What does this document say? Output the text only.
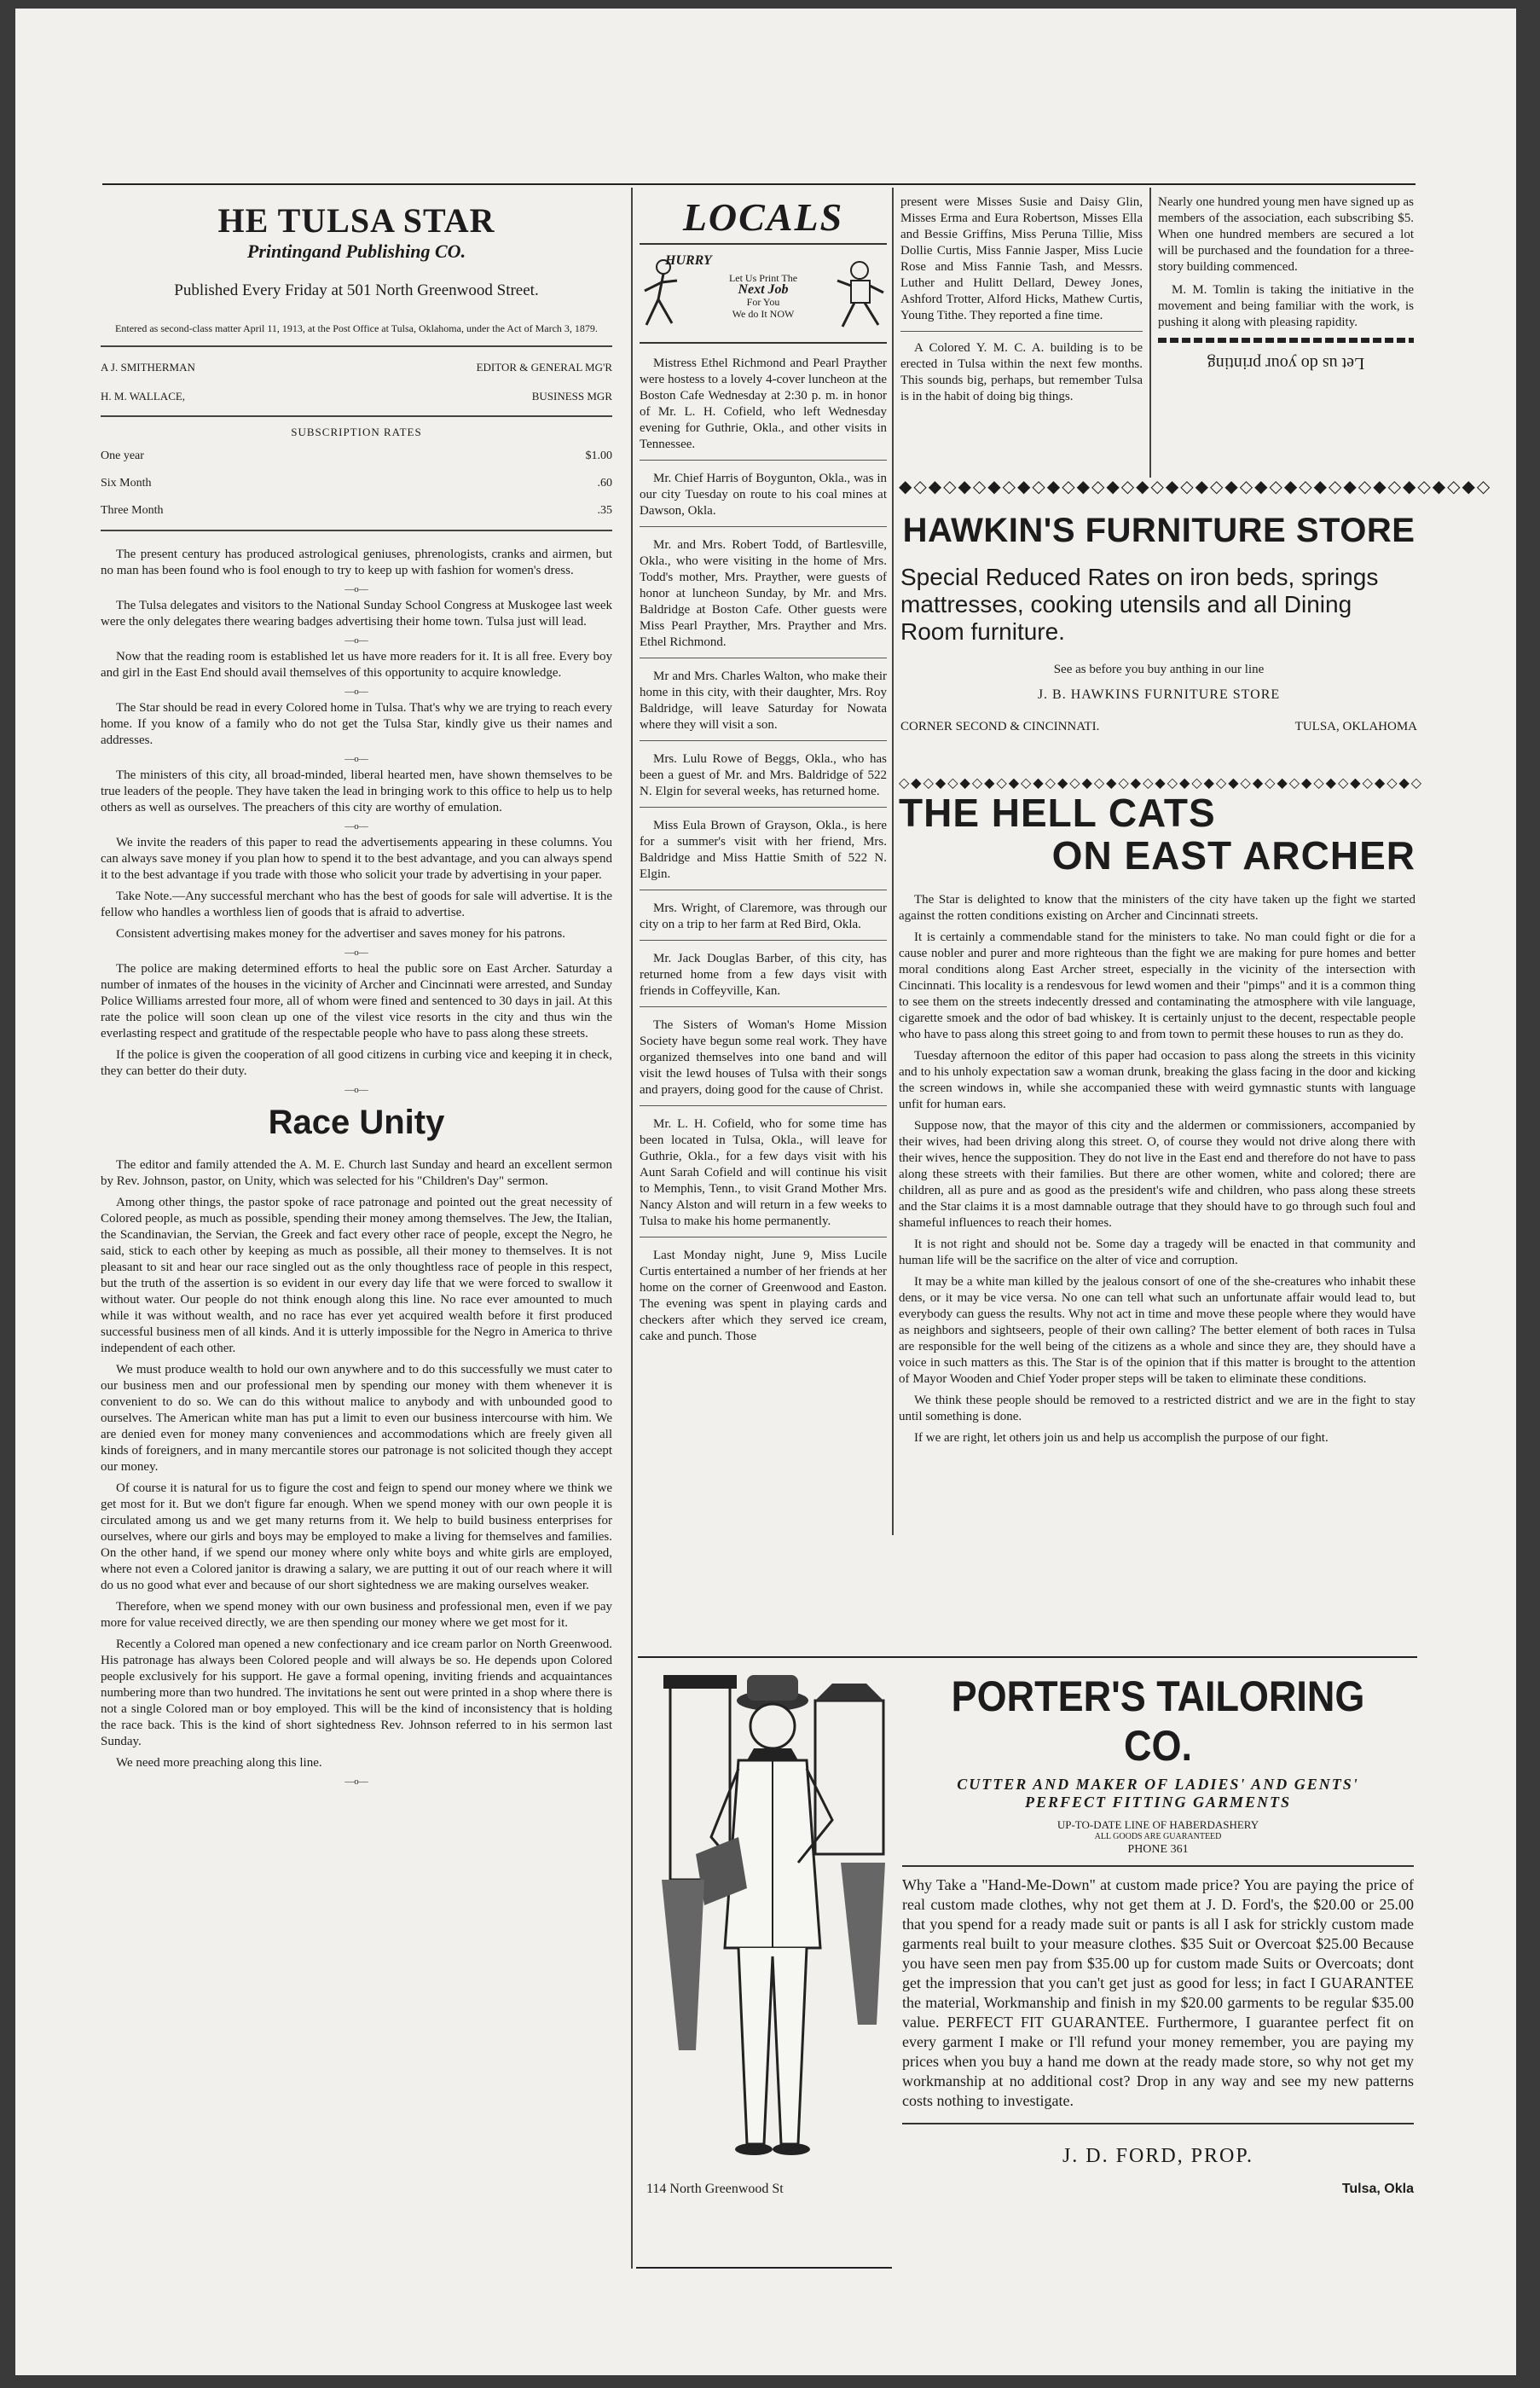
HE TULSA STAR
Printingand Publishing CO.
Published Every Friday at 501 North Greenwood Street.
Entered as second-class matter April 11, 1913, at the Post Office at Tulsa, Oklahoma, under the Act of March 3, 1879.
A J. SMITHERMAN	EDITOR & GENERAL MG'R
H. M. WALLACE,	BUSINESS MGR
SUBSCRIPTION RATES
One year	$1.00
Six Month	.60
Three Month	.35

The present century has produced astrological geniuses, phrenologists, cranks and airmen, but no man has been found who is fool enough to try to keep up with fashion for women's dress.

—o—

The Tulsa delegates and visitors to the National Sunday School Congress at Muskogee last week were the only delegates there wearing badges advertising their home town. Tulsa just will lead.

—o—

Now that the reading room is established let us have more readers for it. It is all free. Every boy and girl in the East End should avail themselves of this opportunity to acquire knowledge.

—o—

The Star should be read in every Colored home in Tulsa. That's why we are trying to reach every home. If you know of a family who do not get the Tulsa Star, kindly give us their names and addresses.

—o—

The ministers of this city, all broad-minded, liberal hearted men, have shown themselves to be true leaders of the people. They have taken the lead in bringing work to this office to help us to help others as well as ourselves. The preachers of this city are worthy of emulation.

—o—

We invite the readers of this paper to read the advertisements appearing in these columns. You can always save money if you plan how to spend it to the best advantage, and you can always spend it to the best advantage if you trade with those who solicit your trade by advertising in your paper.

Take Note.—Any successful merchant who has the best of goods for sale will advertise. It is the fellow who handles a worthless lien of goods that is afraid to advertise.

Consistent advertising makes money for the advertiser and saves money for his patrons.

—o—

The police are making determined efforts to heal the public sore on East Archer. Saturday a number of inmates of the houses in the vicinity of Archer and Cincinnati were arrested, and Sunday Police Williams arrested four more, all of whom were fined and sentenced to 30 days in jail. At this rate the police will soon clean up one of the vilest vice resorts in the city and thus win the everlasting respect and gratitude of the respectable people who have to pass along these streets.

If the police is given the cooperation of all good citizens in curbing vice and keeping it in check, they can better do their duty.

—o—

Race Unity

The editor and family attended the A. M. E. Church last Sunday and heard an excellent sermon by Rev. Johnson, pastor, on Unity, which was selected for his "Children's Day" sermon.

Among other things, the pastor spoke of race patronage and pointed out the great necessity of Colored people, as much as possible, spending their money among themselves. The Jew, the Italian, the Scandinavian, the Servian, the Greek and fact every other race of people, except the Negro, he said, stick to each other by keeping as much as possible, all their money to themselves. It is not pleasant to sit and hear our race singled out as the only thoughtless race of people in this respect, but the truth of the assertion is so evident in our every day life that we were forced to swallow it without water. Our people do not think enough along this line. No race ever amounted to much while it was without wealth, and no race has ever yet acquired wealth before it first produced successful business men of all kinds. And it is utterly impossible for the Negro in America to thrive independent of each other.

We must produce wealth to hold our own anywhere and to do this successfully we must cater to our business men and our professional men by spending our money with them whenever it is convenient to do so. We can do this without malice to anybody and with unbounded good to ourselves. The American white man has put a limit to even our business intercourse with him. We are denied even for money many conveniences and accommodations which are freely given all kinds of foreigners, and in many mercantile stores our patronage is not solicited though they accept our money.

Of course it is natural for us to figure the cost and feign to spend our money where we think we get most for it. But we don't figure far enough. When we spend money with our own people it is circulated among us and we get many returns from it. We help to build business enterprises for ourselves, where our girls and boys may be employed to make a living for themselves and families. On the other hand, if we spend our money where only white boys and white girls are employed, where not even a Colored janitor is drawing a salary, we are putting it out of our reach where it will do us no good what ever and because of our short sightedness we are making ourselves weaker.

Therefore, when we spend money with our own business and professional men, even if we pay more for value received directly, we are then spending our money where we get most for it.

Recently a Colored man opened a new confectionary and ice cream parlor on North Greenwood. His patronage has always been Colored people and will always be so. He depends upon Colored people exclusively for his support. He gave a formal opening, inviting friends and acquaintances numbering more than two hundred. The invitations he sent out were printed in a shop where there is not a single Colored man or boy employed. This will be the kind of inconsistency that is holding the race back. This is the kind of short sightedness Rev. Johnson referred to in his sermon last Sunday.

We need more preaching along this line.

—o—

LOCALS
HURRY
Let Us Print The
Next Job
For You
We do It NOW

Mistress Ethel Richmond and Pearl Prayther were hostess to a lovely 4-cover luncheon at the Boston Cafe Wednesday at 2:30 p. m. in honor of Mr. L. H. Cofield, who left Wednesday evening for Guthrie, Okla., and other visits in Tennessee.

Mr. Chief Harris of Boygunton, Okla., was in our city Tuesday on route to his coal mines at Dawson, Okla.

Mr. and Mrs. Robert Todd, of Bartlesville, Okla., who were visiting in the home of Mrs. Todd's mother, Mrs. Prayther, were guests of honor at luncheon Sunday, by Mr. and Mrs. Baldridge at Boston Cafe. Other guests were Miss Pearl Prayther, Mrs. Prayther and Mrs. Ethel Richmond.

Mr and Mrs. Charles Walton, who make their home in this city, with their daughter, Mrs. Roy Baldridge, will leave Saturday for Nowata where they will visit a son.

Mrs. Lulu Rowe of Beggs, Okla., who has been a guest of Mr. and Mrs. Baldridge of 522 N. Elgin for several weeks, has returned home.

Miss Eula Brown of Grayson, Okla., is here for a summer's visit with her friend, Mrs. Baldridge and Miss Hattie Smith of 522 N. Elgin.

Mrs. Wright, of Claremore, was through our city on a trip to her farm at Red Bird, Okla.

Mr. Jack Douglas Barber, of this city, has returned home from a few days visit with friends in Coffeyville, Kan.

The Sisters of Woman's Home Mission Society have begun some real work. They have organized themselves into one band and will visit the lewd houses of Tulsa with their songs and prayers, doing good for the cause of Christ.

Mr. L. H. Cofield, who for some time has been located in Tulsa, Okla., will leave for Guthrie, Okla., for a few days visit with his Aunt Sarah Cofield and will continue his visit to Memphis, Tenn., to visit Grand Mother Mrs. Nancy Alston and will return in a few weeks to Tulsa to make his home permanently.

Last Monday night, June 9, Miss Lucile Curtis entertained a number of her friends at her home on the corner of Greenwood and Easton. The evening was spent in playing cards and checkers after which they served ice cream, cake and punch. Those

present were Misses Susie and Daisy Glin, Misses Erma and Eura Robertson, Misses Ella and Bessie Griffins, Miss Peruna Tillie, Miss Dollie Curtis, Miss Fannie Jasper, Miss Lucie Rose and Miss Fannie Tash, and Messrs. Luther and Hulitt Dellard, Dewey Jones, Ashford Trotter, Alford Hicks, Mathew Curtis, Young Tithe. They reported a fine time.

A Colored Y. M. C. A. building is to be erected in Tulsa within the next few months. This sounds big, perhaps, but remember Tulsa is in the habit of doing big things.

Nearly one hundred young men have signed up as members of the association, each subscribing $5. When one hundred members are secured a lot will be purchased and the foundation for a three-story building commenced.

M. M. Tomlin is taking the initiative in the movement and being familiar with the work, is pushing it along with pleasing rapidity.

Let us do your printing
◆◇◆◇◆◇◆◇◆◇◆◇◆◇◆◇◆◇◆◇◆◇◆◇◆◇◆◇◆◇◆◇◆◇◆◇◆◇◆◇
HAWKIN'S FURNITURE STORE
Special Reduced Rates on iron beds, springs mattresses, cooking utensils and all Dining Room furniture.
See as before you buy anthing in our line
J. B. HAWKINS FURNITURE STORE
CORNER SECOND & CINCINNATI.	TULSA, OKLAHOMA
◇◆◇◆◇◆◇◆◇◆◇◆◇◆◇◆◇◆◇◆◇◆◇◆◇◆◇◆◇◆◇◆◇◆◇◆◇◆◇◆◇◆◇
THE HELL CATS
ON EAST ARCHER

The Star is delighted to know that the ministers of the city have taken up the fight we started against the rotten conditions existing on Archer and Cincinnati streets.

It is certainly a commendable stand for the ministers to take. No man could fight or die for a cause nobler and purer and more righteous than the fight we are making for pure homes and better moral conditions along East Archer street, especially in the vicinity of the intersection with Cincinnati. This locality is a rendesvous for lewd women and their "pimps" and it is a common thing to see them on the streets indecently dressed and contaminating the atmosphere with vile language, cigarette smoek and the odor of bad whiskey. It is certainly unjust to the decent, respectable people who have to pass along this street going to and from town to permit these houses to run as they do.

Tuesday afternoon the editor of this paper had occasion to pass along the streets in this vicinity and to his unholy expectation saw a woman drunk, breaking the glass facing in the door and kicking the screen windows in, while she accompanied these with weird gymnastic stunts with language unfit for human ears.

Suppose now, that the mayor of this city and the aldermen or commissioners, accompanied by their wives, had been driving along this street. O, of course they would not drive along there with their wives, hence the supposition. They do not live in the East end and therefore do not have to pass along these streets with their families. But there are other women, white and colored; there are children, all as pure and as good as the president's wife and children, who pass along these streets and the Star claims it is a most damnable outrage that they should have to go through such foul and shameful influences to reach their homes.

It is not right and should not be. Some day a tragedy will be enacted in that community and human life will be the sacrifice on the alter of vice and corruption.

It may be a white man killed by the jealous consort of one of the she-creatures who inhabit these dens, or it may be vice versa. No one can tell what such an unfortunate affair would lead to, but everybody can guess the results. Why not act in time and move these people where they would have as neighbors and sightseers, people of their own calling? The better element of both races in Tulsa are responsible for the well being of the citizens as a whole and since they are, they should have a voice in such matters as this. The Star is of the opinion that if this matter is brought to the attention of Mayor Wooden and Chief Yoder proper steps will be taken to eliminate these conditions.

We think these people should be removed to a restricted district and we are in the fight to stay until something is done.

If we are right, let others join us and help us accomplish the purpose of our fight.

114 North Greenwood St
PORTER'S TAILORING CO.
CUTTER AND MAKER OF LADIES' AND GENTS'
PERFECT FITTING GARMENTS
UP-TO-DATE LINE OF HABERDASHERY
ALL GOODS ARE GUARANTEED
PHONE 361
Why Take a "Hand-Me-Down" at custom made price? You are paying the price of real custom made clothes, why not get them at J. D. Ford's, the $20.00 or 25.00 that you spend for a ready made suit or pants is all I ask for strickly custom made garments real built to your measure clothes. $35 Suit or Overcoat $25.00 Because you have seen men pay from $35.00 up for custom made Suits or Overcoats; dont get the impression that you can't get just as good for less; in fact I GUARANTEE the material, Workmanship and finish in my $20.00 garments to be regular $35.00 value. PERFECT FIT GUARANTEE. Furthermore, I guarantee perfect fit on every garment I make or I'll refund your money remember, you are paying my prices when you buy a hand me down at the ready made store, so why not get my workmanship at no additional cost? Drop in any way and see my new patterns costs nothing to investigate.
J. D. FORD, PROP.
Tulsa, Okla
